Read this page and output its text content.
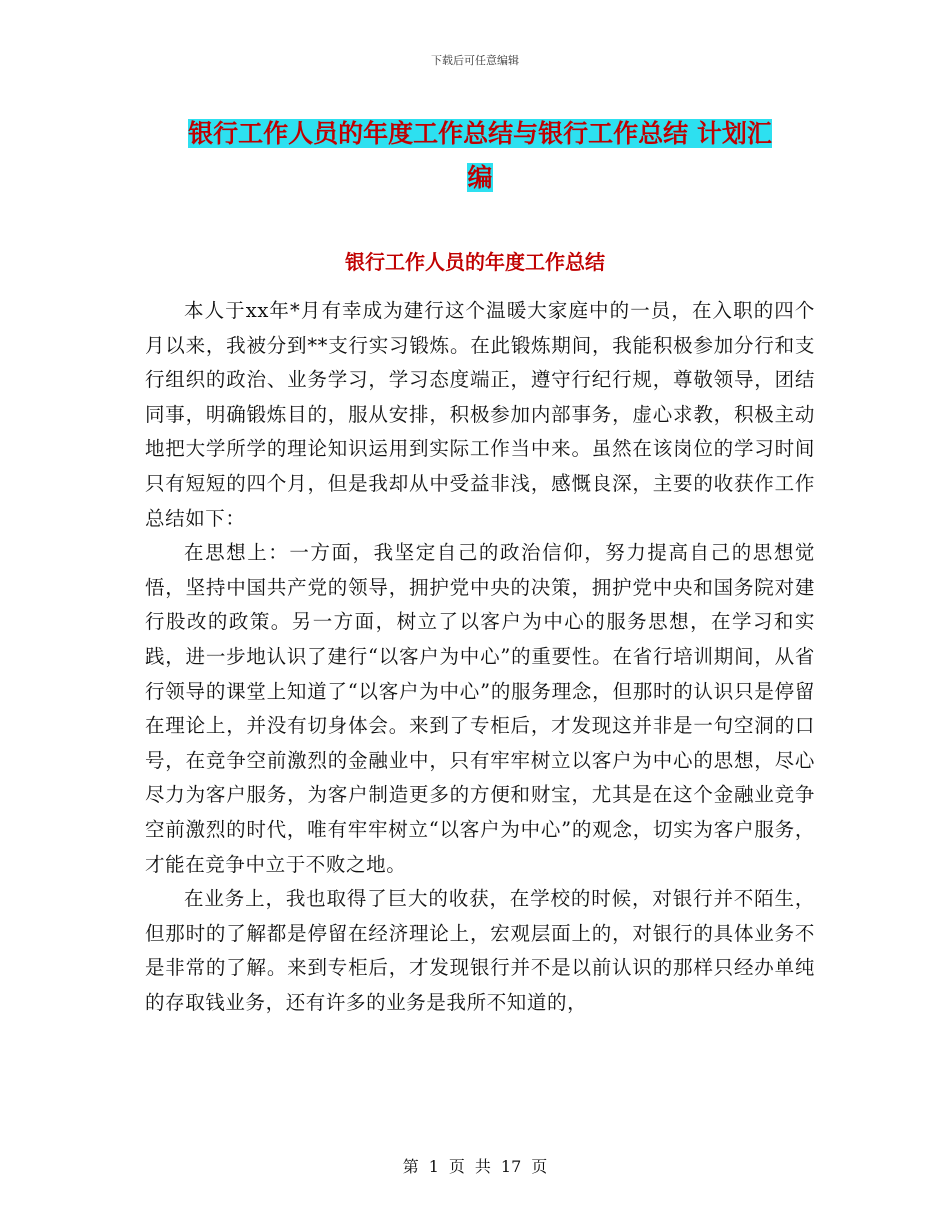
下载后可任意编辑
银行工作人员的年度工作总结与银行工作总结 计划汇
编
银行工作人员的年度工作总结

本人于xx年*月有幸成为建行这个温暖大家庭中的一员，在入职的四个月以来，我被分到**支行实习锻炼。在此锻炼期间，我能积极参加分行和支行组织的政治、业务学习，学习态度端正，遵守行纪行规，尊敬领导，团结同事，明确锻炼目的，服从安排，积极参加内部事务，虚心求教，积极主动地把大学所学的理论知识运用到实际工作当中来。虽然在该岗位的学习时间只有短短的四个月，但是我却从中受益非浅，感慨良深，主要的收获作工作总结如下：

在思想上：一方面，我坚定自己的政治信仰，努力提高自己的思想觉悟，坚持中国共产党的领导，拥护党中央的决策，拥护党中央和国务院对建行股改的政策。另一方面，树立了以客户为中心的服务思想，在学习和实践，进一步地认识了建行“以客户为中心”的重要性。在省行培训期间，从省行领导的课堂上知道了“以客户为中心”的服务理念，但那时的认识只是停留在理论上，并没有切身体会。来到了专柜后，才发现这并非是一句空洞的口号，在竞争空前激烈的金融业中，只有牢牢树立以客户为中心的思想，尽心尽力为客户服务，为客户制造更多的方便和财宝，尤其是在这个金融业竞争空前激烈的时代，唯有牢牢树立“以客户为中心”的观念，切实为客户服务，才能在竞争中立于不败之地。

在业务上，我也取得了巨大的收获，在学校的时候，对银行并不陌生，但那时的了解都是停留在经济理论上，宏观层面上的，对银行的具体业务不是非常的了解。来到专柜后，才发现银行并不是以前认识的那样只经办单纯的存取钱业务，还有许多的业务是我所不知道的，

第 1 页 共 17 页
